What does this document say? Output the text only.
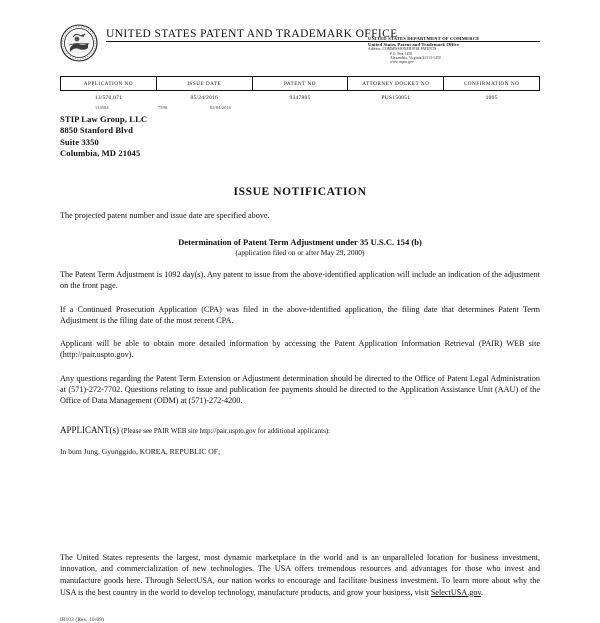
UNITED STATES PATENT AND TRADEMARK OFFICE
UNITED STATES DEPARTMENT OF COMMERCE
United States Patent and Trademark Office
Address: COMMISSIONER FOR PATENTS
P.O. Box 1450
Alexandria, Virginia 22313-1450
www.uspto.gov
APPLICATION NO	ISSUE DATE	PATENT NO	ATTORNEY DOCKET NO	CONFIRMATION NO
13/570,071	05/24/2016	9347805	PUS150051	1095
134584	7590	05/04/2016
STIP Law Group, LLC
8850 Stanford Blvd
Suite 3350
Columbia, MD 21045
ISSUE NOTIFICATION

The projected patent number and issue date are specified above.

Determination of Patent Term Adjustment under 35 U.S.C. 154 (b)
(application filed on or after May 29, 2000)

The Patent Term Adjustment is 1092 day(s). Any patent to issue from the above-identified application will include an indication of the adjustment on the front page.

If a Continued Prosecution Application (CPA) was filed in the above-identified application, the filing date that determines Patent Term Adjustment is the filing date of the most recent CPA.

Applicant will be able to obtain more detailed information by accessing the Patent Application Information Retrieval (PAIR) WEB site (http://pair.uspto.gov).

Any questions regarding the Patent Term Extension or Adjustment determination should be directed to the Office of Patent Legal Administration at (571)-272-7702. Questions relating to issue and publication fee payments should be directed to the Application Assistance Unit (AAU) of the Office of Data Management (ODM) at (571)-272-4200.

APPLICANT(s) (Please see PAIR WEB site http://pair.uspto.gov for additional applicants):
In bum Jung, Gyunggido, KOREA, REPUBLIC OF;

The United States represents the largest, most dynamic marketplace in the world and is an unparalleled location for business investment, innovation, and commercialization of new technologies. The USA offers tremendous resources and advantages for those who invest and manufacture goods here. Through SelectUSA, our nation works to encourage and facilitate business investment. To learn more about why the USA is the best country in the world to develop technology, manufacture products, and grow your business, visit SelectUSA.gov.

IR103 (Rev. 10/09)
